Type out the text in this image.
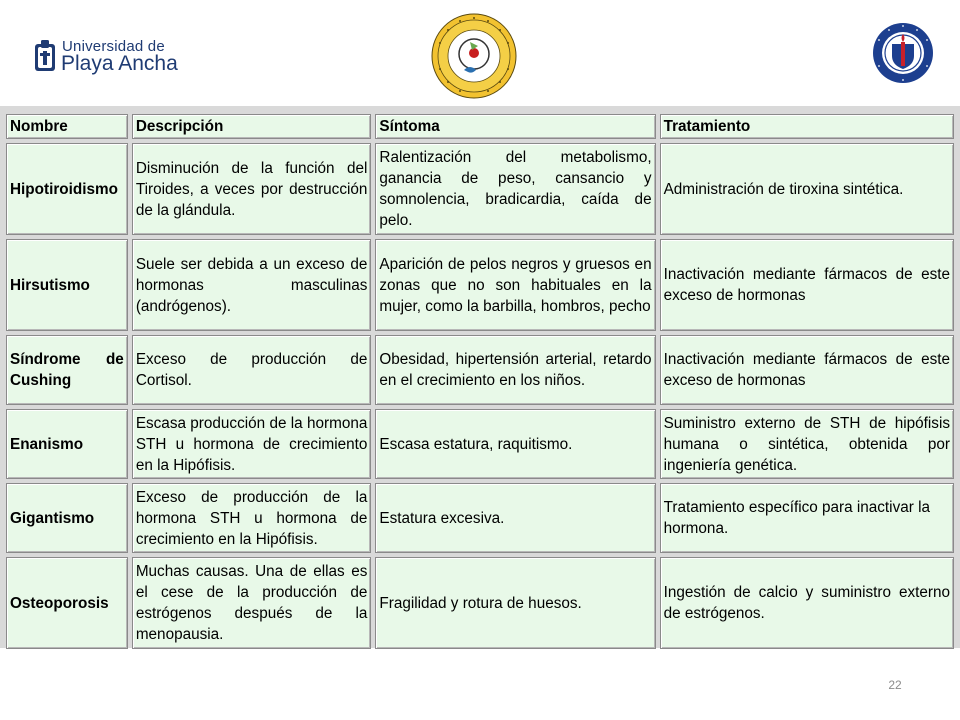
Universidad de
Playa Ancha
Nombre	Descripción	Síntoma	Tratamiento
Hipotiroidismo	Disminución de la función del Tiroides, a veces por destrucción de la glándula.	Ralentización del metabolismo, ganancia de peso, cansancio y somnolencia, bradicardia, caída de pelo.	Administración de tiroxina sintética.
Hirsutismo	Suele ser debida a un exceso de hormonas masculinas (andrógenos).	Aparición de pelos negros y gruesos en zonas que no son habituales en la mujer, como la barbilla, hombros, pecho	Inactivación mediante fármacos de este exceso de hormonas
Síndrome de Cushing	Exceso de producción de Cortisol.	Obesidad, hipertensión arterial, retardo en el crecimiento en los niños.	Inactivación mediante fármacos de este exceso de hormonas
Enanismo	Escasa producción de la hormona STH u hormona de crecimiento en la Hipófisis.	Escasa estatura, raquitismo.	Suministro externo de STH de hipófisis humana o sintética, obtenida por ingeniería genética.
Gigantismo	Exceso de producción de la hormona STH u hormona de crecimiento en la Hipófisis.	Estatura excesiva.	Tratamiento específico para inactivar la hormona.
Osteoporosis	Muchas causas. Una de ellas es el cese de la producción de estrógenos después de la menopausia.	Fragilidad y rotura de huesos.	Ingestión de calcio y suministro externo de estrógenos.
22
